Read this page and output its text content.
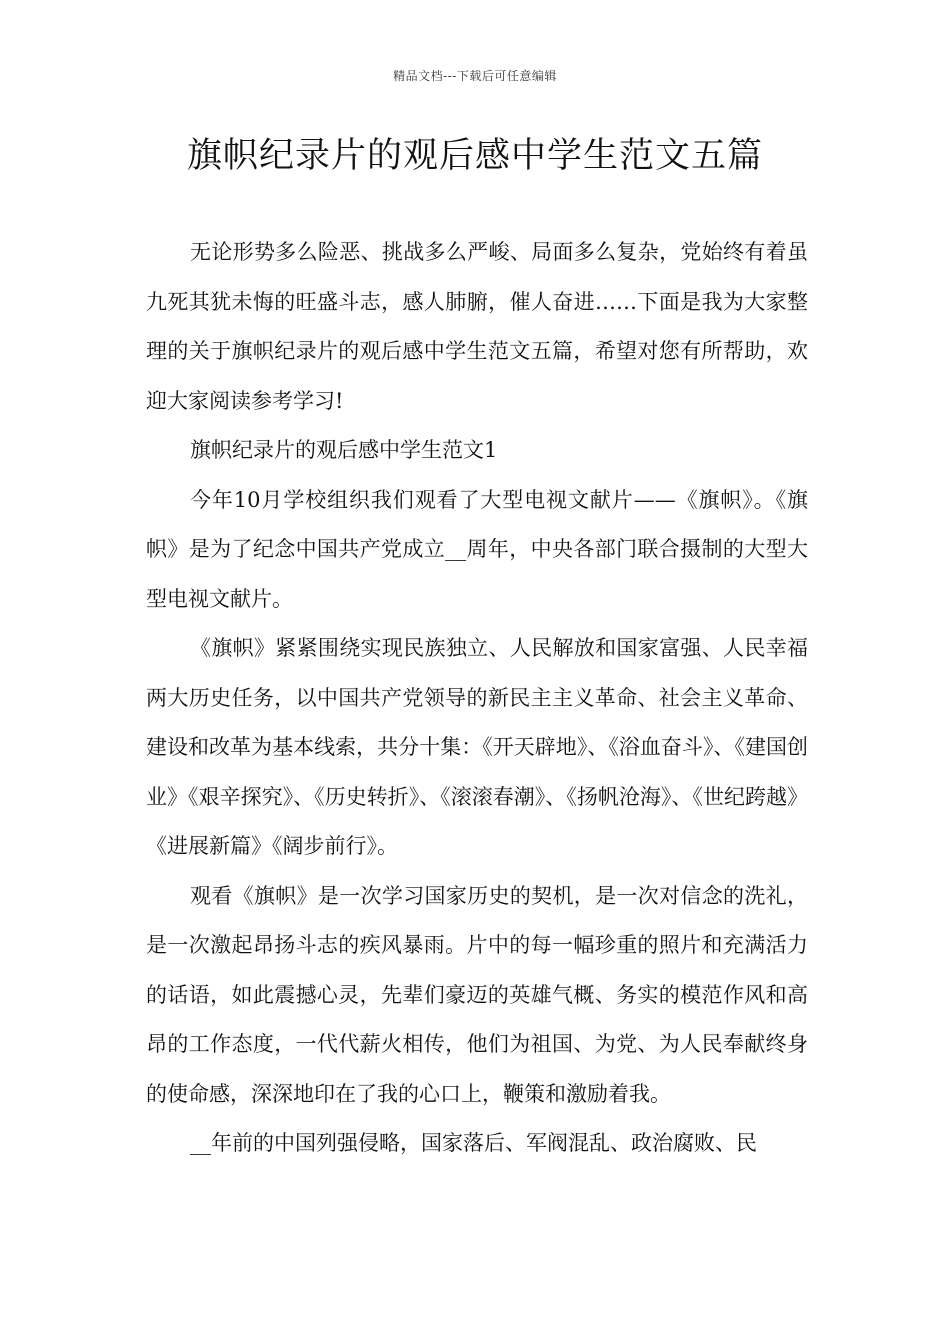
精品文档---下载后可任意编辑
旗帜纪录片的观后感中学生范文五篇

无论形势多么险恶、挑战多么严峻、局面多么复杂，党始终有着虽九死其犹未悔的旺盛斗志，感人肺腑，催人奋进……下面是我为大家整理的关于旗帜纪录片的观后感中学生范文五篇，希望对您有所帮助，欢迎大家阅读参考学习!

旗帜纪录片的观后感中学生范文1

今年10月学校组织我们观看了大型电视文献片——《旗帜》。《旗帜》是为了纪念中国共产党成立__周年，中央各部门联合摄制的大型大型电视文献片。

《旗帜》紧紧围绕实现民族独立、人民解放和国家富强、人民幸福两大历史任务，以中国共产党领导的新民主主义革命、社会主义革命、建设和改革为基本线索，共分十集：《开天辟地》、《浴血奋斗》、《建国创业》《艰辛探究》、《历史转折》、《滚滚春潮》、《扬帆沧海》、《世纪跨越》《进展新篇》《阔步前行》。

观看《旗帜》是一次学习国家历史的契机，是一次对信念的洗礼，是一次激起昂扬斗志的疾风暴雨。片中的每一幅珍重的照片和充满活力的话语，如此震撼心灵，先辈们豪迈的英雄气概、务实的模范作风和高昂的工作态度，一代代薪火相传，他们为祖国、为党、为人民奉献终身的使命感，深深地印在了我的心口上，鞭策和激励着我。

__年前的中国列强侵略，国家落后、军阀混乱、政治腐败、民
